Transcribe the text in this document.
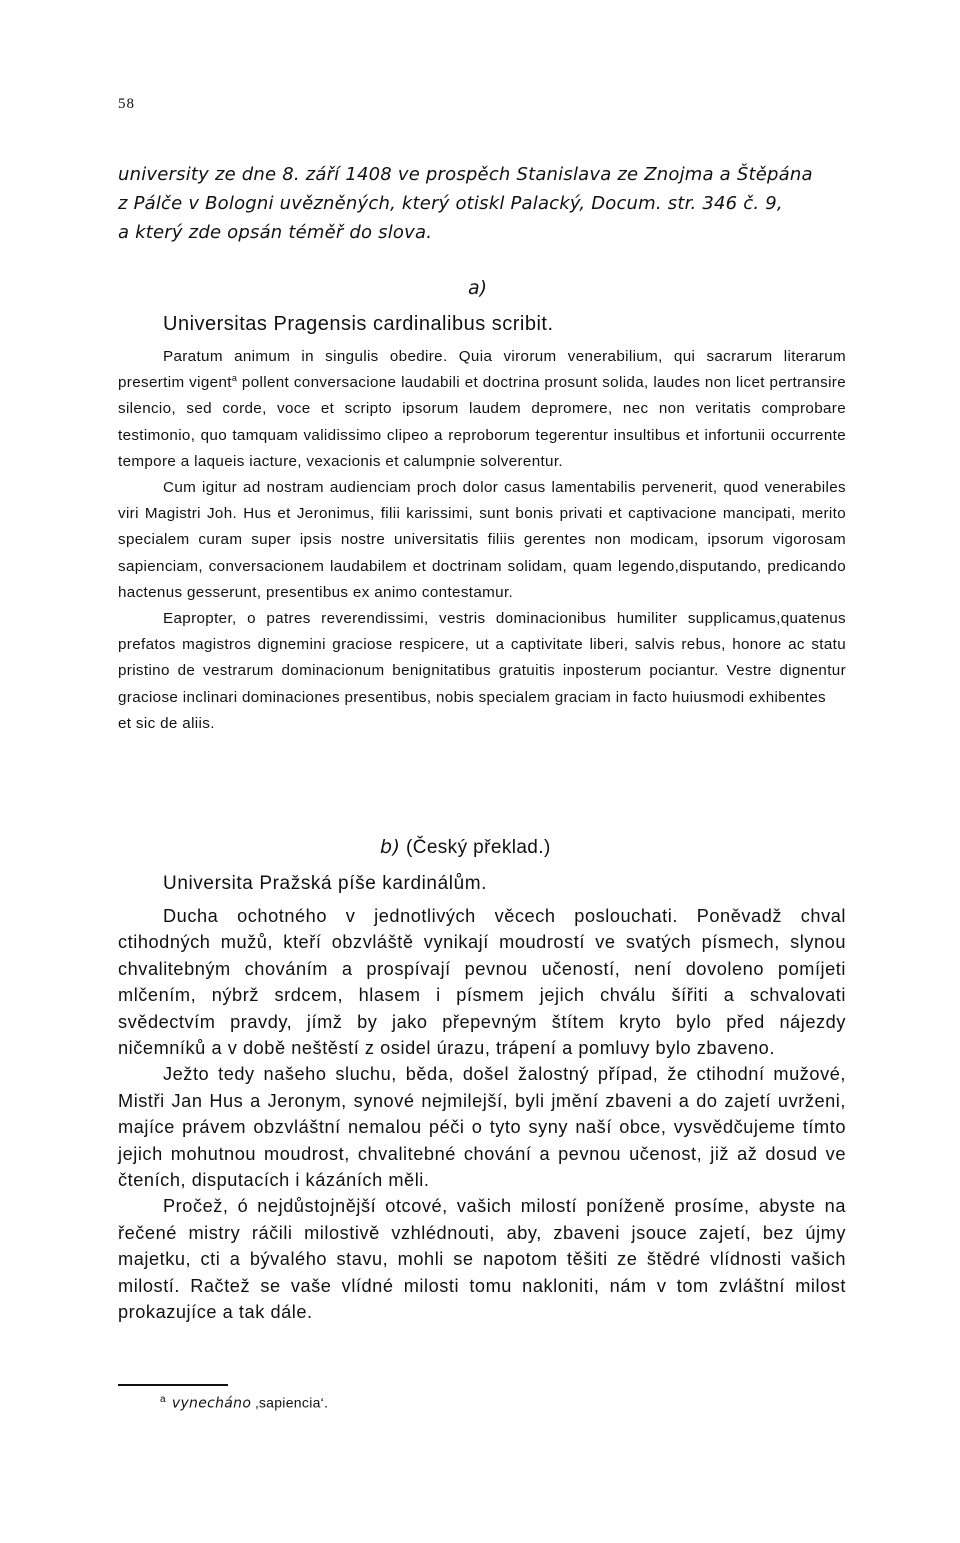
58

university ze dne 8. září 1408 ve prospěch Stanislava ze Znojma a Štěpána

z Pálče v Bologni uvězněných, který otiskl Palacký, Docum. str. 346 č. 9,

a který zde opsán téměř do slova.

a)
Universitas Pragensis cardinalibus scribit.

Paratum animum in singulis obedire. Quia virorum venerabilium, qui sacrarum literarum presertim vigent$^a$ pollent conversacione laudabili et doctrina prosunt solida, laudes non licet pertransire silencio, sed corde, voce et scripto ipsorum laudem depromere, nec non veritatis comprobare testimonio, quo tamquam validissimo clipeo a reproborum tegerentur insultibus et infortunii occurrente tempore a laqueis iacture, vexacionis et calumpnie solverentur.

Cum igitur ad nostram audienciam proch dolor casus lamentabilis pervenerit, quod venerabiles viri Magistri Joh. Hus et Jeronimus, filii karissimi, sunt bonis privati et captivacione mancipati, merito specialem curam super ipsis nostre universitatis filiis gerentes non modicam, ipsorum vigorosam sapienciam, conversacionem laudabilem et doctrinam solidam, quam legendo,disputando, predicando hactenus gesserunt, presentibus ex animo contestamur.

Eapropter, o patres reverendissimi, vestris dominacionibus humiliter supplicamus,quatenus prefatos magistros dignemini graciose respicere, ut a captivitate liberi, salvis rebus, honore ac statu pristino de vestrarum dominacionum benignitatibus gratuitis inposterum pociantur. Vestre dignentur graciose inclinari dominaciones presentibus, nobis specialem graciam in facto huiusmodi exhibentes

et sic de aliis.

b) (Český překlad.)
Universita Pražská píše kardinálům.

Ducha ochotného v jednotlivých věcech poslouchati. Poněvadž chval ctihodných mužů, kteří obzvláště vynikají moudrostí ve svatých písmech, slynou chvalitebným chováním a prospívají pevnou učeností, není dovoleno pomíjeti mlčením, nýbrž srdcem, hlasem i písmem jejich chválu šířiti a schvalovati svědectvím pravdy, jímž by jako přepevným štítem kryto bylo před nájezdy ničemníků a v době neštěstí z osidel úrazu, trápení a pomluvy bylo zbaveno.

Ježto tedy našeho sluchu, běda, došel žalostný případ, že ctihodní mužové, Mistři Jan Hus a Jeronym, synové nejmilejší, byli jmění zbaveni a do zajetí uvrženi, majíce právem obzvláštní nemalou péči o tyto syny naší obce, vysvědčujeme tímto jejich mohutnou moudrost, chvalitebné chování a pevnou učenost, již až dosud ve čteních, disputacích i kázáních měli.

Pročež, ó nejdůstojnější otcové, vašich milostí poníženě prosíme, abyste na řečené mistry ráčili milostivě vzhlédnouti, aby, zbaveni jsouce zajetí, bez újmy majetku, cti a bývalého stavu, mohli se napotom těšiti ze štědré vlídnosti vašich milostí. Račtež se vaše vlídné milosti tomu nakloniti, nám v tom zvláštní milost prokazujíce a tak dále.

$^a$ vynecháno ‚sapiencia‘.
